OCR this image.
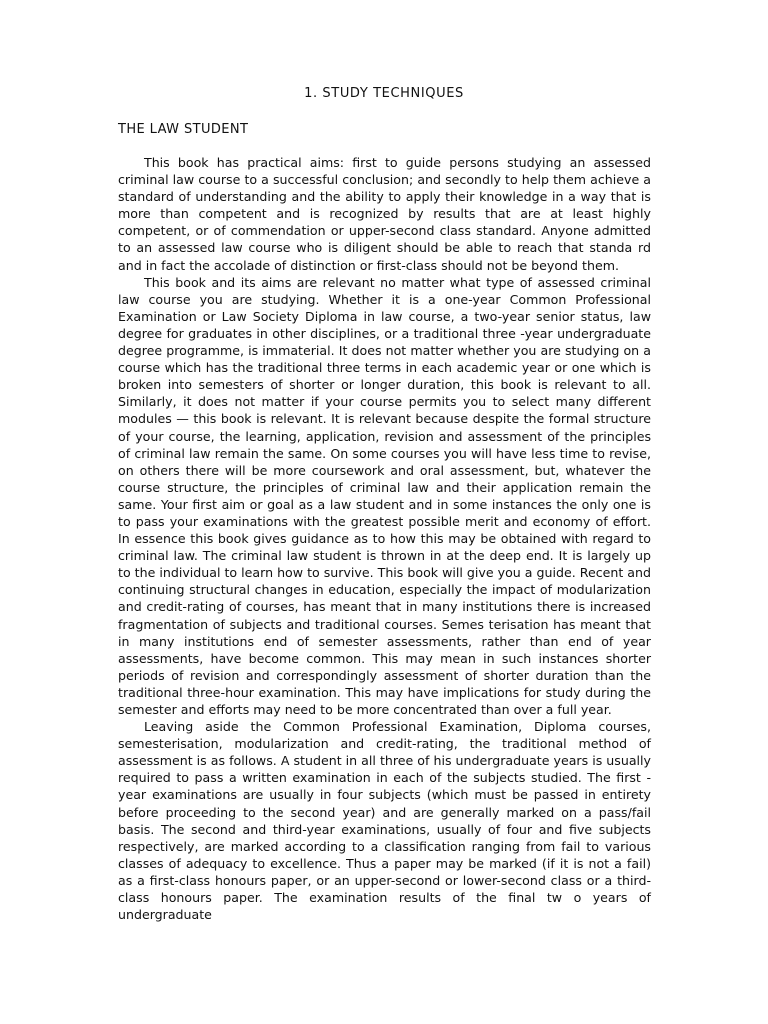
1. STUDY TECHNIQUES
THE LAW STUDENT

This book has practical aims: first to guide persons studying an assessed criminal law course to a successful conclusion; and secondly to help them achieve a standard of understanding and the ability to apply their knowledge in a way that is more than competent and is recognized by results that are at least highly competent, or of commendation or upper-second class standard. Anyone admitted to an assessed law course who is diligent should be able to reach that standa rd and in fact the accolade of distinction or first-class should not be beyond them.

This book and its aims are relevant no matter what type of assessed criminal law course you are studying. Whether it is a one-year Common Professional Examination or Law Society Diploma in law course, a two-year senior status, law degree for graduates in other disciplines, or a traditional three -year undergraduate degree programme, is immaterial. It does not matter whether you are studying on a course which has the traditional three terms in each academic year or one which is broken into semesters of shorter or longer duration, this book is relevant to all. Similarly, it does not matter if your course permits you to select many different modules — this book is relevant. It is relevant because despite the formal structure of your course, the learning, application, revision and assessment of the principles of criminal law remain the same. On some courses you will have less time to revise, on others there will be more coursework and oral assessment, but, whatever the course structure, the principles of criminal law and their application remain the same. Your first aim or goal as a law student and in some instances the only one is to pass your examinations with the greatest possible merit and economy of effort. In essence this book gives guidance as to how this may be obtained with regard to criminal law. The criminal law student is thrown in at the deep end. It is largely up to the individual to learn how to survive. This book will give you a guide. Recent and continuing structural changes in education, especially the impact of modularization and credit-rating of courses, has meant that in many institutions there is increased fragmentation of subjects and traditional courses. Semes terisation has meant that in many institutions end of semester assessments, rather than end of year assessments, have become common. This may mean in such instances shorter periods of revision and correspondingly assessment of shorter duration than the traditional three-hour examination. This may have implications for study during the semester and efforts may need to be more concentrated than over a full year.

Leaving aside the Common Professional Examination, Diploma courses, semesterisation, modularization and credit-rating, the traditional method of assessment is as follows. A student in all three of his undergraduate years is usually required to pass a written examination in each of the subjects studied. The first -year examinations are usually in four subjects (which must be passed in entirety before proceeding to the second year) and are generally marked on a pass/fail basis. The second and third-year examinations, usually of four and five subjects respectively, are marked according to a classification ranging from fail to various classes of adequacy to excellence. Thus a paper may be marked (if it is not a fail) as a first-class honours paper, or an upper-second or lower-second class or a third-class honours paper. The examination results of the final tw o years of undergraduate
